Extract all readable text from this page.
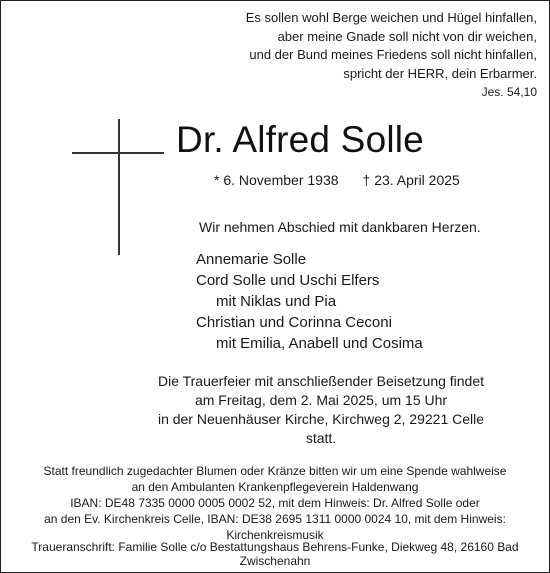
Es sollen wohl Berge weichen und Hügel hinfallen,
aber meine Gnade soll nicht von dir weichen,
und der Bund meines Friedens soll nicht hinfallen,
spricht der HERR, dein Erbarmer.
Jes. 54,10
Dr. Alfred Solle
* 6. November 1938 † 23. April 2025
Wir nehmen Abschied mit dankbaren Herzen.
Annemarie Solle
Cord Solle und Uschi Elfers
mit Niklas und Pia
Christian und Corinna Ceconi
mit Emilia, Anabell und Cosima
Die Trauerfeier mit anschließender Beisetzung findet
am Freitag, dem 2. Mai 2025, um 15 Uhr
in der Neuenhäuser Kirche, Kirchweg 2, 29221 Celle statt.
Statt freundlich zugedachter Blumen oder Kränze bitten wir um eine Spende wahlweise
an den Ambulanten Krankenpflegeverein Haldenwang
IBAN: DE48 7335 0000 0005 0002 52, mit dem Hinweis: Dr. Alfred Solle oder
an den Ev. Kirchenkreis Celle, IBAN: DE38 2695 1311 0000 0024 10, mit dem Hinweis: Kirchenkreismusik
Traueranschrift: Familie Solle c/o Bestattungshaus Behrens-Funke, Diekweg 48, 26160 Bad Zwischenahn
